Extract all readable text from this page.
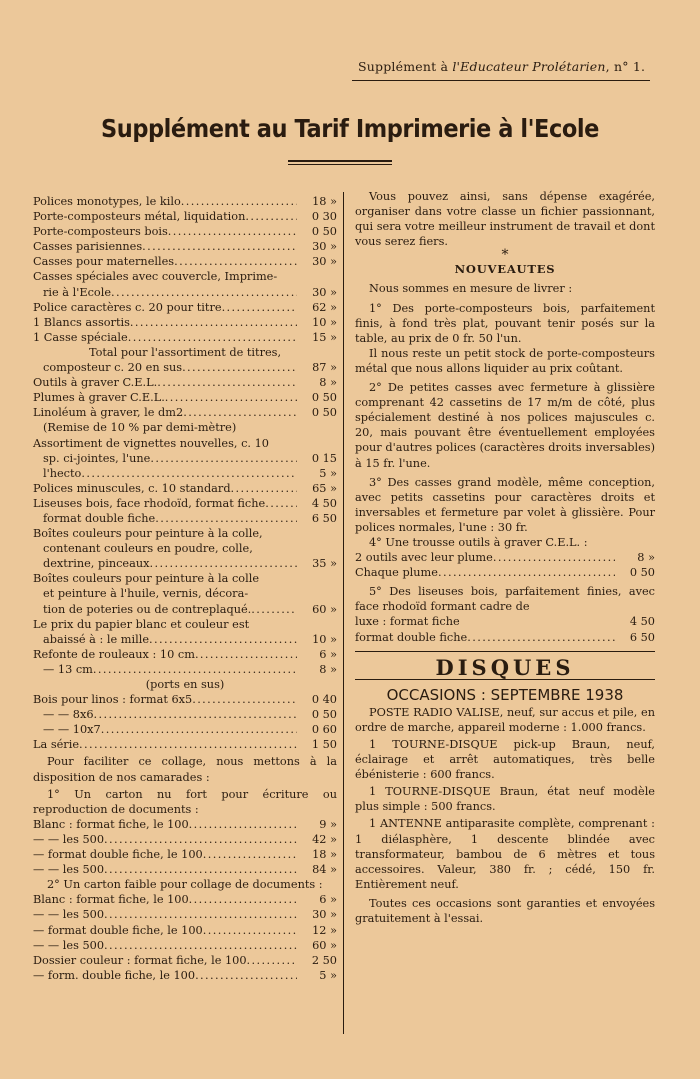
Supplément à l'Educateur Prolétarien, n° 1.
Supplément au Tarif Imprimerie à l'Ecole
Polices monotypes, le kilo .....	18 »
Porte-composteurs métal, liquidation .....	0 30
Porte-composteurs bois .....	0 50
Casses parisiennes .....	30 »
Casses pour maternelles .....	30 »
Casses spéciales avec couvercle, Imprime-
rie à l'Ecole .....	30 »
Police caractères c. 20 pour titre .....	62 »
1 Blancs assortis .....	10 »
1 Casse spéciale .....	15 »
Total pour l'assortiment de titres,
composteur c. 20 en sus .....	87 »
Outils à graver C.E.L. .....	8 »
Plumes à graver C.E.L. .....	0 50
Linoléum à graver, le dm2 .....	0 50
(Remise de 10 % par demi-mètre)
Assortiment de vignettes nouvelles, c. 10
sp. ci-jointes, l'une .....	0 15
l'hecto .....	5 »
Polices minuscules, c. 10 standard .....	65 »
Liseuses bois, face rhodoïd, format fiche .....	4 50
format double fiche .....	6 50
Boîtes couleurs pour peinture à la colle,
contenant couleurs en poudre, colle,
dextrine, pinceaux .....	35 »
Boîtes couleurs pour peinture à la colle
et peinture à l'huile, vernis, décora-
tion de poteries ou de contreplaqué. .....	60 »
Le prix du papier blanc et couleur est
abaissé à : le mille .....	10 »
Refonte de rouleaux : 10 cm .....	6 »
— 13 cm .....	8 »
(ports en sus)
Bois pour linos : format 6x5 .....	0 40
— — 8x6 .....	0 50
— — 10x7 .....	0 60
La série .....	1 50
Pour faciliter ce collage, nous mettons à la disposition de nos camarades :
1° Un carton nu fort pour écriture ou reproduction de documents :
Blanc : format fiche, le 100 .....	9 »
— — les 500 .....	42 »
— format double fiche, le 100 .....	18 »
— — les 500 .....	84 »
2° Un carton faible pour collage de documents :
Blanc : format fiche, le 100 .....	6 »
— — les 500 .....	30 »
— format double fiche, le 100 .....	12 »
— — les 500 .....	60 »
Dossier couleur : format fiche, le 100 .....	2 50
— form. double fiche, le 100 .....	5 »
Vous pouvez ainsi, sans dépense exagérée, organiser dans votre classe un fichier passionnant, qui sera votre meilleur instrument de travail et dont vous serez fiers.
*
NOUVEAUTES
Nous sommes en mesure de livrer :
1° Des porte-composteurs bois, parfaitement finis, à fond très plat, pouvant tenir posés sur la table, au prix de 0 fr. 50 l'un.
Il nous reste un petit stock de porte-composteurs métal que nous allons liquider au prix coûtant.
2° De petites casses avec fermeture à glissière comprenant 42 cassetins de 17 m/m de côté, plus spécialement destiné à nos polices majuscules c. 20, mais pouvant être éventuellement employées pour d'autres polices (caractères droits inversables) à 15 fr. l'une.
3° Des casses grand modèle, même conception, avec petits cassetins pour caractères droits et inversables et fermeture par volet à glissière. Pour polices normales, l'une : 30 fr.
4° Une trousse outils à graver C.E.L. :
2 outils avec leur plume .....	8 »
Chaque plume .....	0 50
5° Des liseuses bois, parfaitement finies, avec face rhodoïd formant cadre de
luxe : format fiche	4 50
format double fiche .....	6 50
DISQUES
OCCASIONS : SEPTEMBRE 1938
POSTE RADIO VALISE, neuf, sur accus et pile, en ordre de marche, appareil moderne : 1.000 francs.
1 TOURNE-DISQUE pick-up Braun, neuf, éclairage et arrêt automatiques, très belle ébénisterie : 600 francs.
1 TOURNE-DISQUE Braun, état neuf modèle plus simple : 500 francs.
1 ANTENNE antiparasite complète, comprenant : 1 diélasphère, 1 descente blindée avec transformateur, bambou de 6 mètres et tous accessoires. Valeur, 380 fr. ; cédé, 150 fr. Entièrement neuf.
Toutes ces occasions sont garanties et envoyées gratuitement à l'essai.
